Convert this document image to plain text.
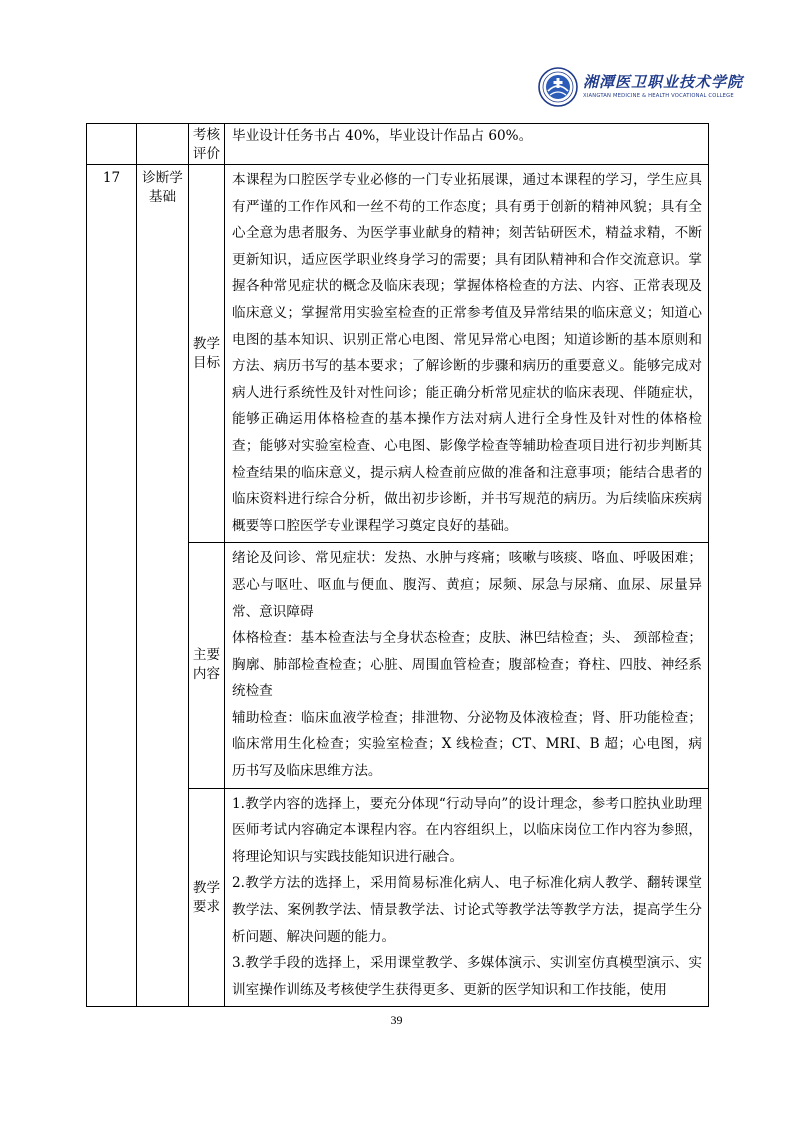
湘潭医卫职业技术学院
XIANGTAN MEDICINE & HEALTH VOCATIONAL COLLEGE
		考核评价	毕业设计任务书占 40%，毕业设计作品占 60%。
17	诊断学基础	教学目标	本课程为口腔医学专业必修的一门专业拓展课，通过本课程的学习，学生应具有严谨的工作作风和一丝不苟的工作态度；具有勇于创新的精神风貌；具有全心全意为患者服务、为医学事业献身的精神；刻苦钻研医术，精益求精，不断更新知识，适应医学职业终身学习的需要；具有团队精神和合作交流意识。掌握各种常见症状的概念及临床表现；掌握体格检查的方法、内容、正常表现及临床意义；掌握常用实验室检查的正常参考值及异常结果的临床意义；知道心电图的基本知识、识别正常心电图、常见异常心电图；知道诊断的基本原则和方法、病历书写的基本要求；了解诊断的步骤和病历的重要意义。能够完成对病人进行系统性及针对性问诊；能正确分析常见症状的临床表现、伴随症状，能够正确运用体格检查的基本操作方法对病人进行全身性及针对性的体格检查；能够对实验室检查、心电图、影像学检查等辅助检查项目进行初步判断其检查结果的临床意义，提示病人检查前应做的准备和注意事项；能结合患者的临床资料进行综合分析，做出初步诊断，并书写规范的病历。为后续临床疾病概要等口腔医学专业课程学习奠定良好的基础。

		主要内容	绪论及问诊、常见症状：发热、水肿与疼痛；咳嗽与咳痰、咯血、呼吸困难；恶心与呕吐、呕血与便血、腹泻、黄疸；尿频、尿急与尿痛、血尿、尿量异常、意识障碍

体格检查：基本检查法与全身状态检查；皮肤、淋巴结检查；头、 颈部检查；胸廓、肺部检查检查；心脏、周围血管检查；腹部检查；脊柱、四肢、神经系统检查

辅助检查：临床血液学检查；排泄物、分泌物及体液检查；肾、肝功能检查；临床常用生化检查；实验室检查；X 线检查；CT、MRI、B 超；心电图，病历书写及临床思维方法。

		教学要求	1.教学内容的选择上，要充分体现“行动导向”的设计理念，参考口腔执业助理医师考试内容确定本课程内容。在内容组织上，以临床岗位工作内容为参照，将理论知识与实践技能知识进行融合。

2.教学方法的选择上，采用简易标准化病人、电子标准化病人教学、翻转课堂教学法、案例教学法、情景教学法、讨论式等教学法等教学方法，提高学生分析问题、解决问题的能力。

3.教学手段的选择上，采用课堂教学、多媒体演示、实训室仿真模型演示、实训室操作训练及考核使学生获得更多、更新的医学知识和工作技能，使用

39
